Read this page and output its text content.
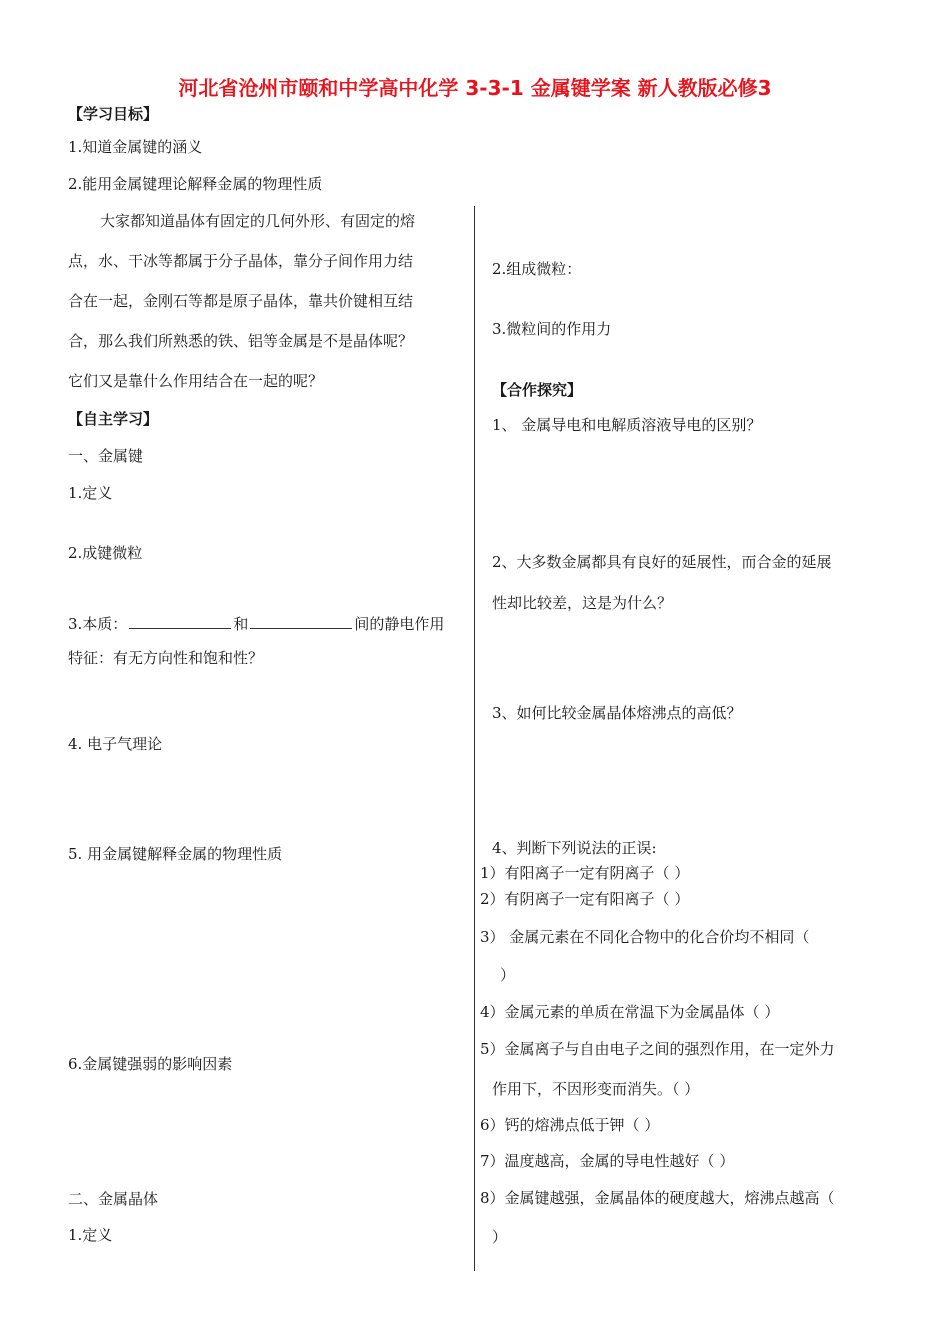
河北省沧州市颐和中学高中化学 3-3-1 金属键学案 新人教版必修3
【学习目标】
1.知道金属键的涵义
2.能用金属键理论解释金属的物理性质
大家都知道晶体有固定的几何外形、有固定的熔
点，水、干冰等都属于分子晶体，靠分子间作用力结
合在一起，金刚石等都是原子晶体，靠共价键相互结
合，那么我们所熟悉的铁、铝等金属是不是晶体呢？
它们又是靠什么作用结合在一起的呢？
【自主学习】
一、金属键
1.定义
2.成键微粒
3.本质：	和	间的静电作用
特征：有无方向性和饱和性？
4. 电子气理论
5. 用金属键解释金属的物理性质
6.金属键强弱的影响因素
二、金属晶体
1.定义
2.组成微粒：
3.微粒间的作用力
【合作探究】
1、 金属导电和电解质溶液导电的区别？
2、大多数金属都具有良好的延展性，而合金的延展
性却比较差，这是为什么？
3、如何比较金属晶体熔沸点的高低？
4、判断下列说法的正误:
1）有阳离子一定有阴离子（ ）
2）有阴离子一定有阳离子（ ）
3） 金属元素在不同化合物中的化合价均不相同（
）
4）金属元素的单质在常温下为金属晶体（ ）
5）金属离子与自由电子之间的强烈作用，在一定外力
作用下，不因形变而消失。（ ）
6）钙的熔沸点低于钾（ ）
7）温度越高，金属的导电性越好（ ）
8）金属键越强，金属晶体的硬度越大，熔沸点越高（
）
